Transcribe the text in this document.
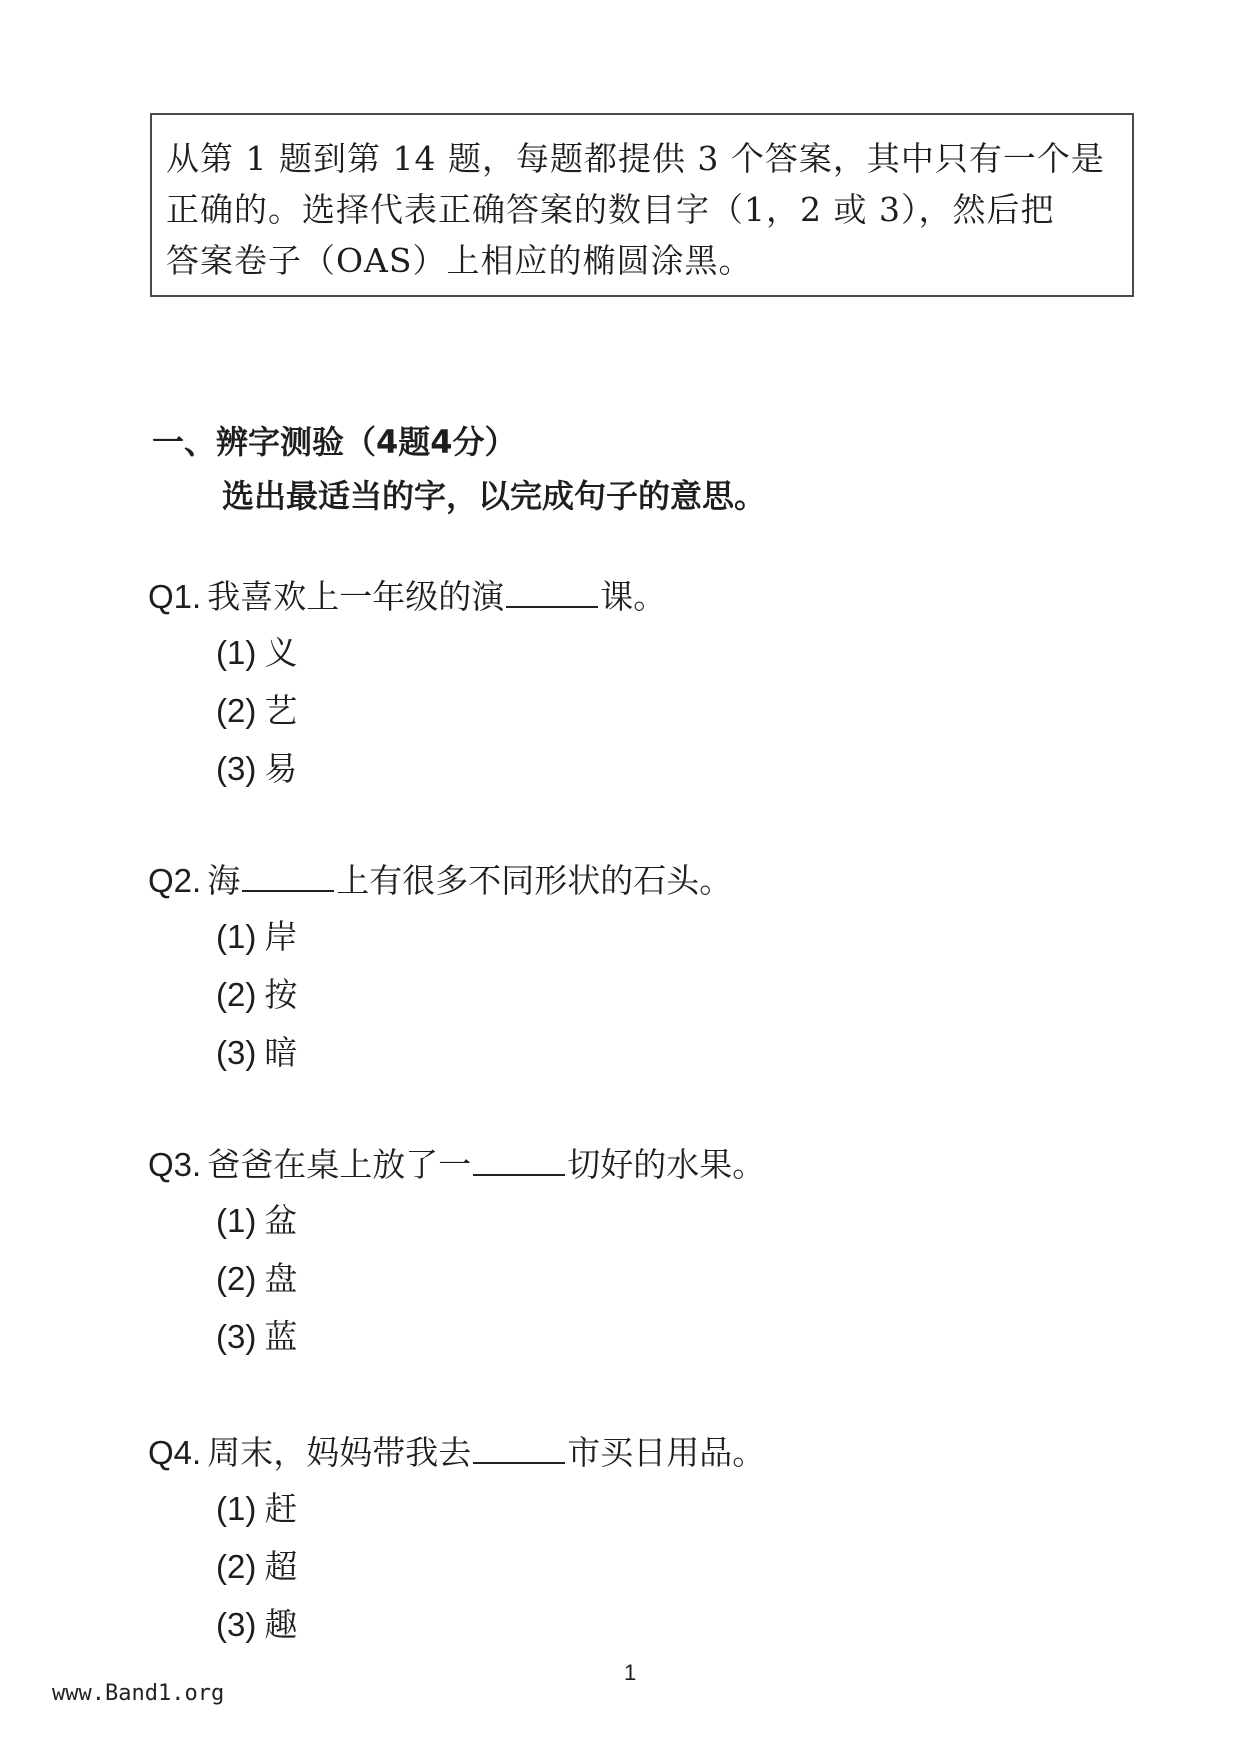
从第 1 题到第 14 题，每题都提供 3 个答案，其中只有一个是
正确的。选择代表正确答案的数目字（1，2 或 3），然后把
答案卷子（OAS）上相应的椭圆涂黑。
一、辨字测验（4题4分）
选出最适当的字，以完成句子的意思。
Q1. 我喜欢上一年级的演	课。
(1) 义
(2) 艺
(3) 易
Q2. 海	上有很多不同形状的石头。
(1) 岸
(2) 按
(3) 暗
Q3. 爸爸在桌上放了一	切好的水果。
(1) 盆
(2) 盘
(3) 蓝
Q4. 周末，妈妈带我去	市买日用品。
(1) 赶
(2) 超
(3) 趣
1
www.Band1.org
